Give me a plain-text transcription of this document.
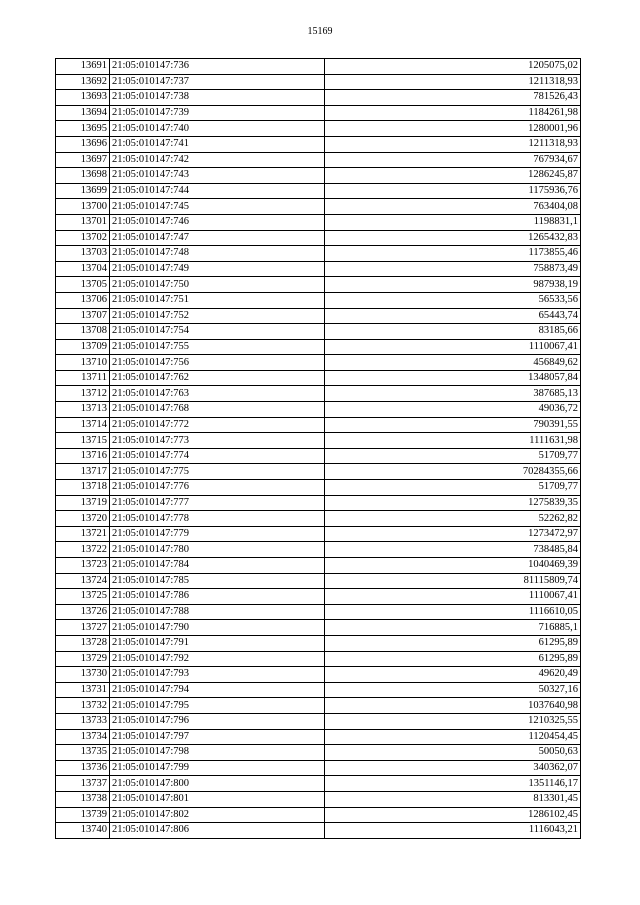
15169
13691	21:05:010147:736	1205075,02
13692	21:05:010147:737	1211318,93
13693	21:05:010147:738	781526,43
13694	21:05:010147:739	1184261,98
13695	21:05:010147:740	1280001,96
13696	21:05:010147:741	1211318,93
13697	21:05:010147:742	767934,67
13698	21:05:010147:743	1286245,87
13699	21:05:010147:744	1175936,76
13700	21:05:010147:745	763404,08
13701	21:05:010147:746	1198831,1
13702	21:05:010147:747	1265432,83
13703	21:05:010147:748	1173855,46
13704	21:05:010147:749	758873,49
13705	21:05:010147:750	987938,19
13706	21:05:010147:751	56533,56
13707	21:05:010147:752	65443,74
13708	21:05:010147:754	83185,66
13709	21:05:010147:755	1110067,41
13710	21:05:010147:756	456849,62
13711	21:05:010147:762	1348057,84
13712	21:05:010147:763	387685,13
13713	21:05:010147:768	49036,72
13714	21:05:010147:772	790391,55
13715	21:05:010147:773	1111631,98
13716	21:05:010147:774	51709,77
13717	21:05:010147:775	70284355,66
13718	21:05:010147:776	51709,77
13719	21:05:010147:777	1275839,35
13720	21:05:010147:778	52262,82
13721	21:05:010147:779	1273472,97
13722	21:05:010147:780	738485,84
13723	21:05:010147:784	1040469,39
13724	21:05:010147:785	81115809,74
13725	21:05:010147:786	1110067,41
13726	21:05:010147:788	1116610,05
13727	21:05:010147:790	716885,1
13728	21:05:010147:791	61295,89
13729	21:05:010147:792	61295,89
13730	21:05:010147:793	49620,49
13731	21:05:010147:794	50327,16
13732	21:05:010147:795	1037640,98
13733	21:05:010147:796	1210325,55
13734	21:05:010147:797	1120454,45
13735	21:05:010147:798	50050,63
13736	21:05:010147:799	340362,07
13737	21:05:010147:800	1351146,17
13738	21:05:010147:801	813301,45
13739	21:05:010147:802	1286102,45
13740	21:05:010147:806	1116043,21
